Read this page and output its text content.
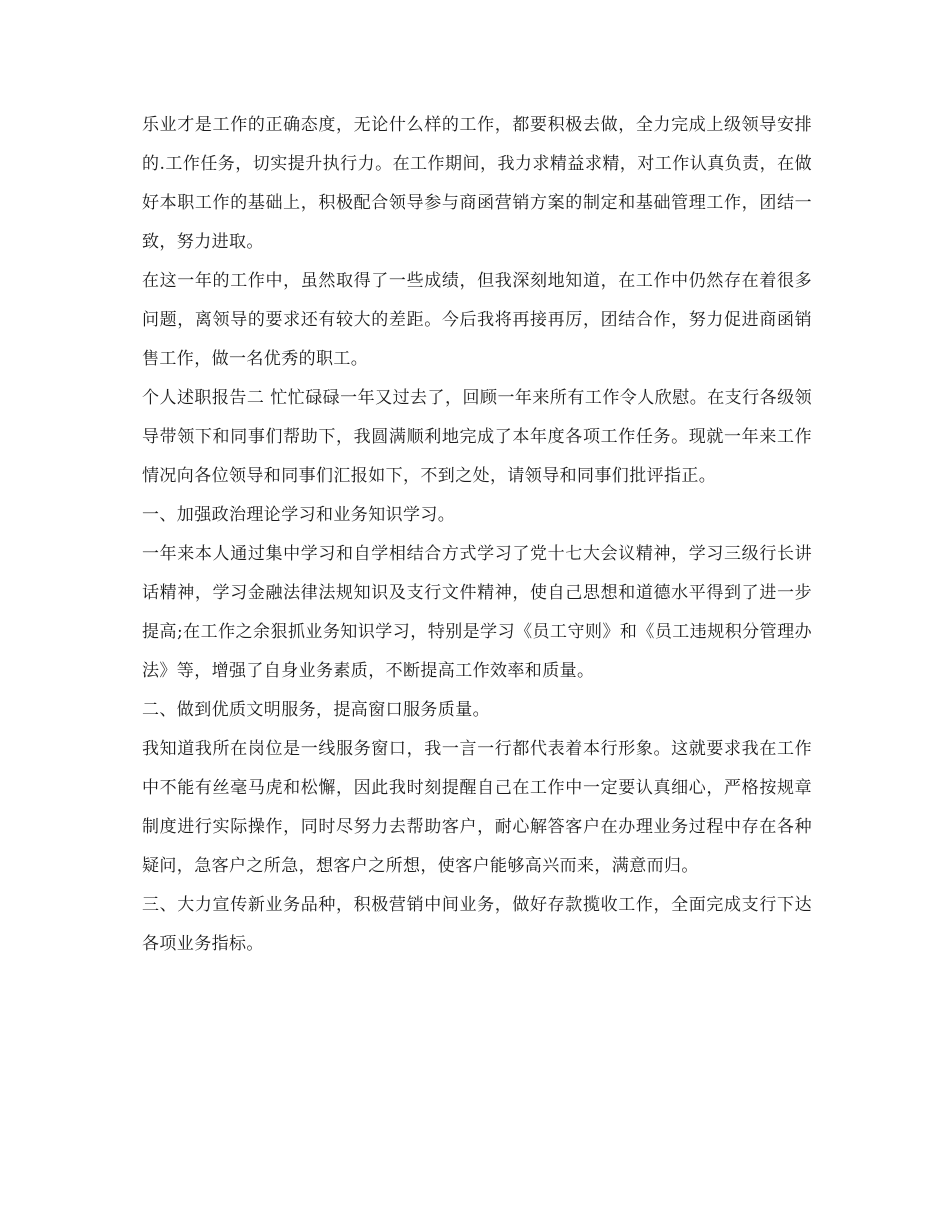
乐业才是工作的正确态度，无论什么样的工作，都要积极去做，全力完成上级领导安排的.工作任务，切实提升执行力。在工作期间，我力求精益求精，对工作认真负责，在做好本职工作的基础上，积极配合领导参与商函营销方案的制定和基础管理工作，团结一致，努力进取。

在这一年的工作中，虽然取得了一些成绩，但我深刻地知道，在工作中仍然存在着很多问题，离领导的要求还有较大的差距。今后我将再接再厉，团结合作，努力促进商函销售工作，做一名优秀的职工。

个人述职报告二 忙忙碌碌一年又过去了，回顾一年来所有工作令人欣慰。在支行各级领导带领下和同事们帮助下，我圆满顺利地完成了本年度各项工作任务。现就一年来工作情况向各位领导和同事们汇报如下，不到之处，请领导和同事们批评指正。

一、加强政治理论学习和业务知识学习。

一年来本人通过集中学习和自学相结合方式学习了党十七大会议精神，学习三级行长讲话精神，学习金融法律法规知识及支行文件精神，使自己思想和道德水平得到了进一步提高;在工作之余狠抓业务知识学习，特别是学习《员工守则》和《员工违规积分管理办法》等，增强了自身业务素质，不断提高工作效率和质量。

二、做到优质文明服务，提高窗口服务质量。

我知道我所在岗位是一线服务窗口，我一言一行都代表着本行形象。这就要求我在工作中不能有丝毫马虎和松懈，因此我时刻提醒自己在工作中一定要认真细心，严格按规章制度进行实际操作，同时尽努力去帮助客户，耐心解答客户在办理业务过程中存在各种疑问，急客户之所急，想客户之所想，使客户能够高兴而来，满意而归。

三、大力宣传新业务品种，积极营销中间业务，做好存款揽收工作，全面完成支行下达各项业务指标。
